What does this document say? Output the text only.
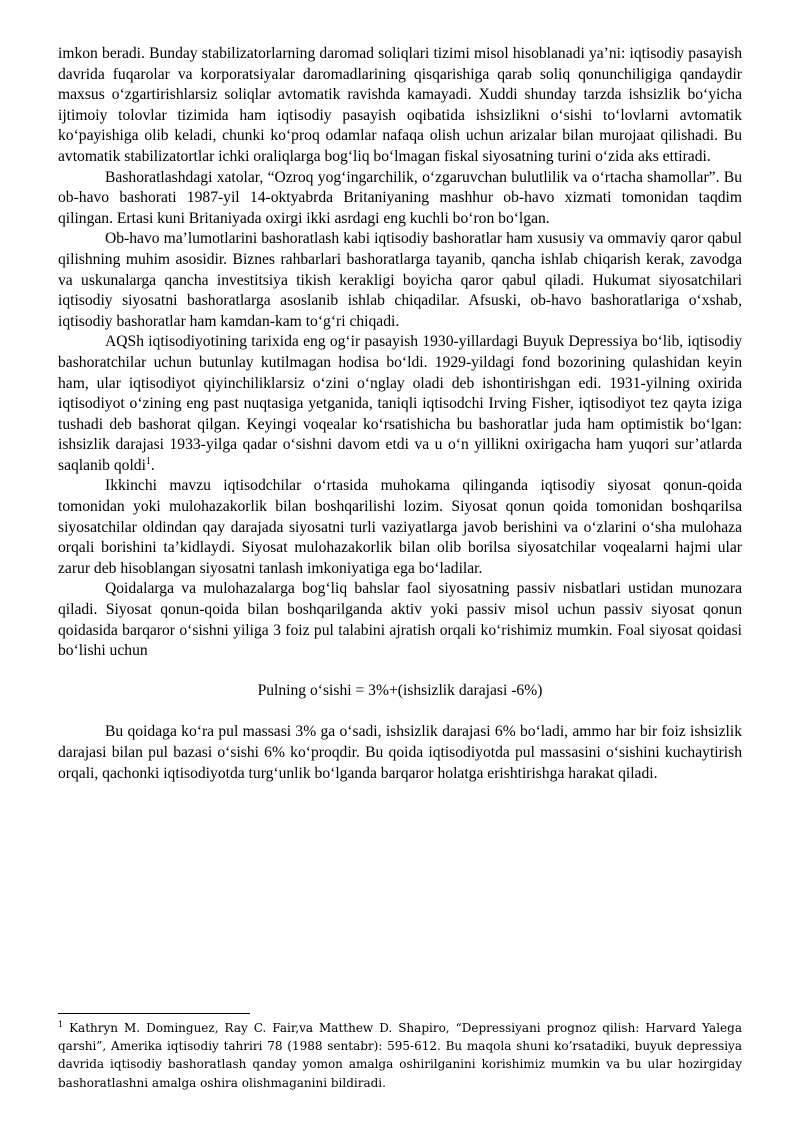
imkon beradi. Bunday stabilizatorlarning daromad soliqlari tizimi misol hisoblanadi ya’ni: iqtisodiy pasayish davrida fuqarolar va korporatsiyalar daromadlarining qisqarishiga qarab soliq qonunchiligiga qandaydir maxsus o‘zgartirishlarsiz soliqlar avtomatik ravishda kamayadi. Xuddi shunday tarzda ishsizlik bo‘yicha ijtimoiy tolovlar tizimida ham iqtisodiy pasayish oqibatida ishsizlikni o‘sishi to‘lovlarni avtomatik ko‘payishiga olib keladi, chunki ko‘proq odamlar nafaqa olish uchun arizalar bilan murojaat qilishadi. Bu avtomatik stabilizatortlar ichki oraliqlarga bog‘liq bo‘lmagan fiskal siyosatning turini o‘zida aks ettiradi.

Bashoratlashdagi xatolar, “Ozroq yog‘ingarchilik, o‘zgaruvchan bulutlilik va o‘rtacha shamollar”. Bu ob-havo bashorati 1987-yil 14-oktyabrda Britaniyaning mashhur ob-havo xizmati tomonidan taqdim qilingan. Ertasi kuni Britaniyada oxirgi ikki asrdagi eng kuchli bo‘ron bo‘lgan.

Ob-havo ma’lumotlarini bashoratlash kabi iqtisodiy bashoratlar ham xususiy va ommaviy qaror qabul qilishning muhim asosidir. Biznes rahbarlari bashoratlarga tayanib, qancha ishlab chiqarish kerak, zavodga va uskunalarga qancha investitsiya tikish kerakligi boyicha qaror qabul qiladi. Hukumat siyosatchilari iqtisodiy siyosatni bashoratlarga asoslanib ishlab chiqadilar. Afsuski, ob-havo bashoratlariga o‘xshab, iqtisodiy bashoratlar ham kamdan-kam to‘g‘ri chiqadi.

AQSh iqtisodiyotining tarixida eng og‘ir pasayish 1930-yillardagi Buyuk Depressiya bo‘lib, iqtisodiy bashoratchilar uchun butunlay kutilmagan hodisa bo‘ldi. 1929-yildagi fond bozorining qulashidan keyin ham, ular iqtisodiyot qiyinchiliklarsiz o‘zini o‘nglay oladi deb ishontirishgan edi. 1931-yilning oxirida iqtisodiyot o‘zining eng past nuqtasiga yetganida, taniqli iqtisodchi Irving Fisher, iqtisodiyot tez qayta iziga tushadi deb bashorat qilgan. Keyingi voqealar ko‘rsatishicha bu bashoratlar juda ham optimistik bo‘lgan: ishsizlik darajasi 1933-yilga qadar o‘sishni davom etdi va u o‘n yillikni oxirigacha ham yuqori sur’atlarda saqlanib qoldi$^1$.

Ikkinchi mavzu iqtisodchilar o‘rtasida muhokama qilinganda iqtisodiy siyosat qonun-qoida tomonidan yoki mulohazakorlik bilan boshqarilishi lozim. Siyosat qonun qoida tomonidan boshqarilsa siyosatchilar oldindan qay darajada siyosatni turli vaziyatlarga javob berishini va o‘zlarini o‘sha mulohaza orqali borishini ta’kidlaydi. Siyosat mulohazakorlik bilan olib borilsa siyosatchilar voqealarni hajmi ular zarur deb hisoblangan siyosatni tanlash imkoniyatiga ega bo‘ladilar.

Qoidalarga va mulohazalarga bog‘liq bahslar faol siyosatning passiv nisbatlari ustidan munozara qiladi. Siyosat qonun-qoida bilan boshqarilganda aktiv yoki passiv misol uchun passiv siyosat qonun qoidasida barqaror o‘sishni yiliga 3 foiz pul talabini ajratish orqali ko‘rishimiz mumkin. Foal siyosat qoidasi bo‘lishi uchun

Pulning o‘sishi = 3%+(ishsizlik darajasi -6%)

Bu qoidaga ko‘ra pul massasi 3% ga o‘sadi, ishsizlik darajasi 6% bo‘ladi, ammo har bir foiz ishsizlik darajasi bilan pul bazasi o‘sishi 6% ko‘proqdir. Bu qoida iqtisodiyotda pul massasini o‘sishini kuchaytirish orqali, qachonki iqtisodiyotda turg‘unlik bo‘lganda barqaror holatga erishtirishga harakat qiladi.

$^1$ Kathryn M. Dominguez, Ray C. Fair,va Matthew D. Shapiro, “Depressiyani prognoz qilish: Harvard Yalega qarshi”, Amerika iqtisodiy tahriri 78 (1988 sentabr): 595-612. Bu maqola shuni ko’rsatadiki, buyuk depressiya davrida iqtisodiy bashoratlash qanday yomon amalga oshirilganini korishimiz mumkin va bu ular hozirgiday bashoratlashni amalga oshira olishmaganini bildiradi.
